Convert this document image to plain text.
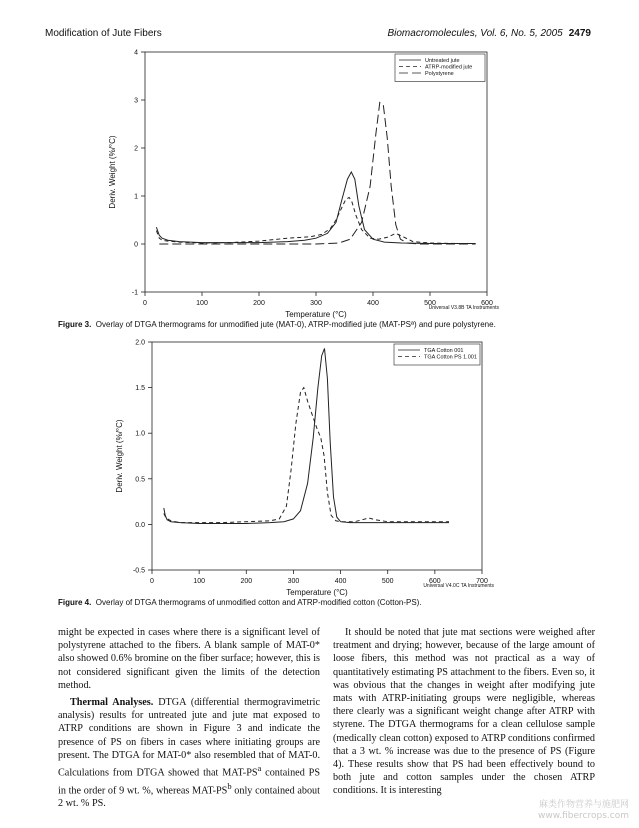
Modification of Jute Fibers	Biomacromolecules, Vol. 6, No. 5, 2005 2479
0	100	200	300	400	500	600
-1
0
1
2
3
4
Temperature (°C)
Deriv. Weight (%/°C)
Untreated jute
ATRP-modified jute
Polystyrene
Universal V3.8B TA Instruments
Figure 3. Overlay of DTGA thermograms for unmodified jute (MAT-0), ATRP-modified jute (MAT-PSª) and pure polystyrene.
0	100	200	300	400	500	600	700
-0.5
0.0
0.5
1.0
1.5
2.0
Temperature (°C)
Deriv. Weight (%/°C)
TGA Cotton 001
TGA Cotton PS 1.001
Universal V4.0C TA Instruments
Figure 4. Overlay of DTGA thermograms of unmodified cotton and ATRP-modified cotton (Cotton-PS).

might be expected in cases where there is a significant level of polystyrene attached to the fibers. A blank sample of MAT-0* also showed 0.6% bromine on the fiber surface; however, this is not considered significant given the limits of the detection method.

Thermal Analyses. DTGA (differential thermogravimetric analysis) results for untreated jute and jute mat exposed to ATRP conditions are shown in Figure 3 and indicate the presence of PS on fibers in cases where initiating groups are present. The DTGA for MAT-0* also resembled that of MAT-0. Calculations from DTGA showed that MAT-$PS^a$ contained PS in the order of 9 wt. %, whereas MAT-$PS^b$ only contained about 2 wt. % PS.

It should be noted that jute mat sections were weighed after treatment and drying; however, because of the large amount of loose fibers, this method was not practical as a way of quantitatively estimating PS attachment to the fibers. Even so, it was obvious that the changes in weight after modifying jute mats with ATRP-initiating groups were negligible, whereas there clearly was a significant weight change after ATRP with styrene. The DTGA thermograms for a clean cellulose sample (medically clean cotton) exposed to ATRP conditions confirmed that a 3 wt. % increase was due to the presence of PS (Figure 4). These results show that PS had been effectively bound to both jute and cotton samples under the chosen ATRP conditions. It is interesting

麻类作物营养与施肥网
www.fibercrops.com
